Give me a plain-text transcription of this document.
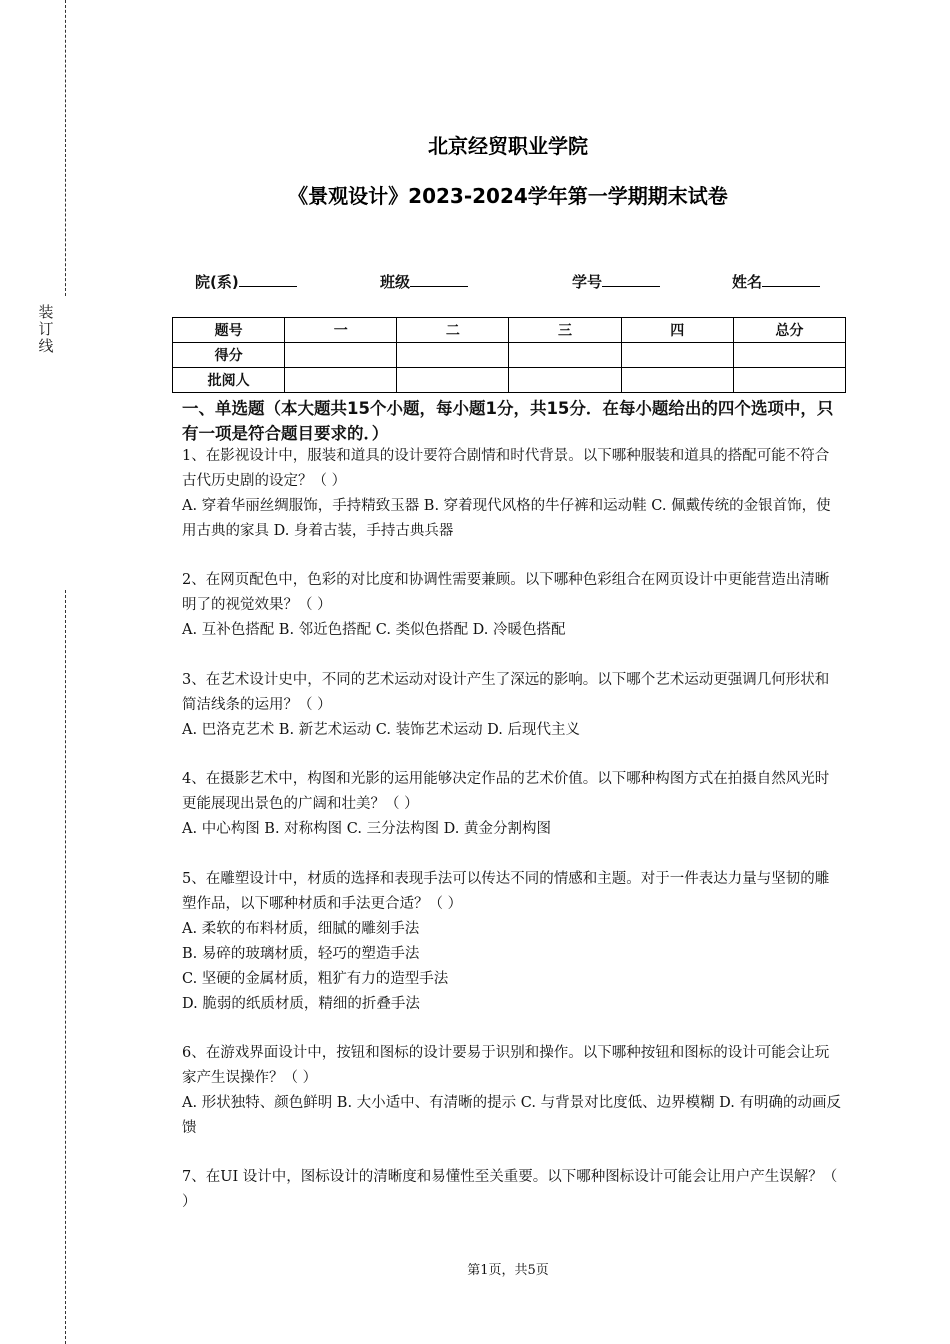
装
订
线
北京经贸职业学院
《景观设计》2023-2024学年第一学期期末试卷
院(系)	班级	学号	姓名
题号	一	二	三	四	总分
得分					
批阅人					
一、单选题（本大题共15个小题，每小题1分，共15分．在每小题给出的四个选项中，只有一项是符合题目要求的．）

1、在影视设计中，服装和道具的设计要符合剧情和时代背景。以下哪种服装和道具的搭配可能不符合古代历史剧的设定？（ ）

A. 穿着华丽丝绸服饰，手持精致玉器 B. 穿着现代风格的牛仔裤和运动鞋 C. 佩戴传统的金银首饰，使用古典的家具 D. 身着古装，手持古典兵器

2、在网页配色中，色彩的对比度和协调性需要兼顾。以下哪种色彩组合在网页设计中更能营造出清晰明了的视觉效果？（ ）

A. 互补色搭配 B. 邻近色搭配 C. 类似色搭配 D. 冷暖色搭配

3、在艺术设计史中，不同的艺术运动对设计产生了深远的影响。以下哪个艺术运动更强调几何形状和简洁线条的运用？（ ）

A. 巴洛克艺术 B. 新艺术运动 C. 装饰艺术运动 D. 后现代主义

4、在摄影艺术中，构图和光影的运用能够决定作品的艺术价值。以下哪种构图方式在拍摄自然风光时更能展现出景色的广阔和壮美？（ ）

A. 中心构图 B. 对称构图 C. 三分法构图 D. 黄金分割构图

5、在雕塑设计中，材质的选择和表现手法可以传达不同的情感和主题。对于一件表达力量与坚韧的雕塑作品，以下哪种材质和手法更合适？（ ）

A. 柔软的布料材质，细腻的雕刻手法

B. 易碎的玻璃材质，轻巧的塑造手法

C. 坚硬的金属材质，粗犷有力的造型手法

D. 脆弱的纸质材质，精细的折叠手法

6、在游戏界面设计中，按钮和图标的设计要易于识别和操作。以下哪种按钮和图标的设计可能会让玩家产生误操作？（ ）

A. 形状独特、颜色鲜明 B. 大小适中、有清晰的提示 C. 与背景对比度低、边界模糊 D. 有明确的动画反馈

7、在UI 设计中，图标设计的清晰度和易懂性至关重要。以下哪种图标设计可能会让用户产生误解？（ ）

第1页，共5页
